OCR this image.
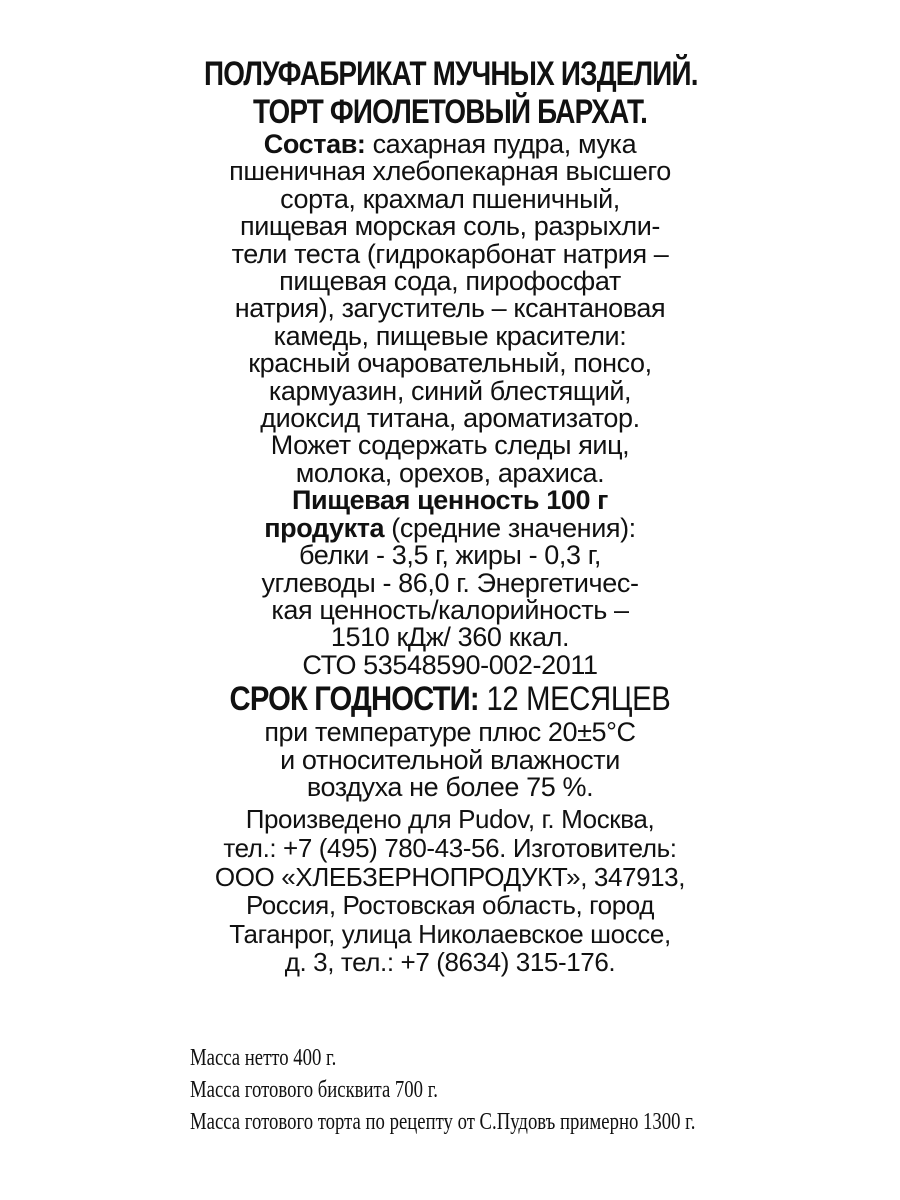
ПОЛУФАБРИКАТ МУЧНЫХ ИЗДЕЛИЙ.
ТОРТ ФИОЛЕТОВЫЙ БАРХАТ.
Состав: сахарная пудра, мука
пшеничная хлебопекарная высшего
сорта, крахмал пшеничный,
пищевая морская соль, разрыхли-
тели теста (гидрокарбонат натрия –
пищевая сода, пирофосфат
натрия), загуститель – ксантановая
камедь, пищевые красители:
красный очаровательный, понсо,
кармуазин, синий блестящий,
диоксид титана, ароматизатор.
Может содержать следы яиц,
молока, орехов, арахиса.
Пищевая ценность 100 г
продукта (средние значения):
белки - 3,5 г, жиры - 0,3 г,
углеводы - 86,0 г. Энергетичес-
кая ценность/калорийность –
1510 кДж/ 360 ккал.
СТО 53548590-002-2011
СРОК ГОДНОСТИ: 12 МЕСЯЦЕВ
при температуре плюс 20±5°С
и относительной влажности
воздуха не более 75 %.
Произведено для Pudov, г. Москва,
тел.: +7 (495) 780-43-56. Изготовитель:
ООО «ХЛЕБЗЕРНОПРОДУКТ», 347913,
Россия, Ростовская область, город
Таганрог, улица Николаевское шоссе,
д. 3, тел.: +7 (8634) 315-176.
Масса нетто 400 г.
Масса готового бисквита 700 г.
Масса готового торта по рецепту от С.Пудовъ примерно 1300 г.
